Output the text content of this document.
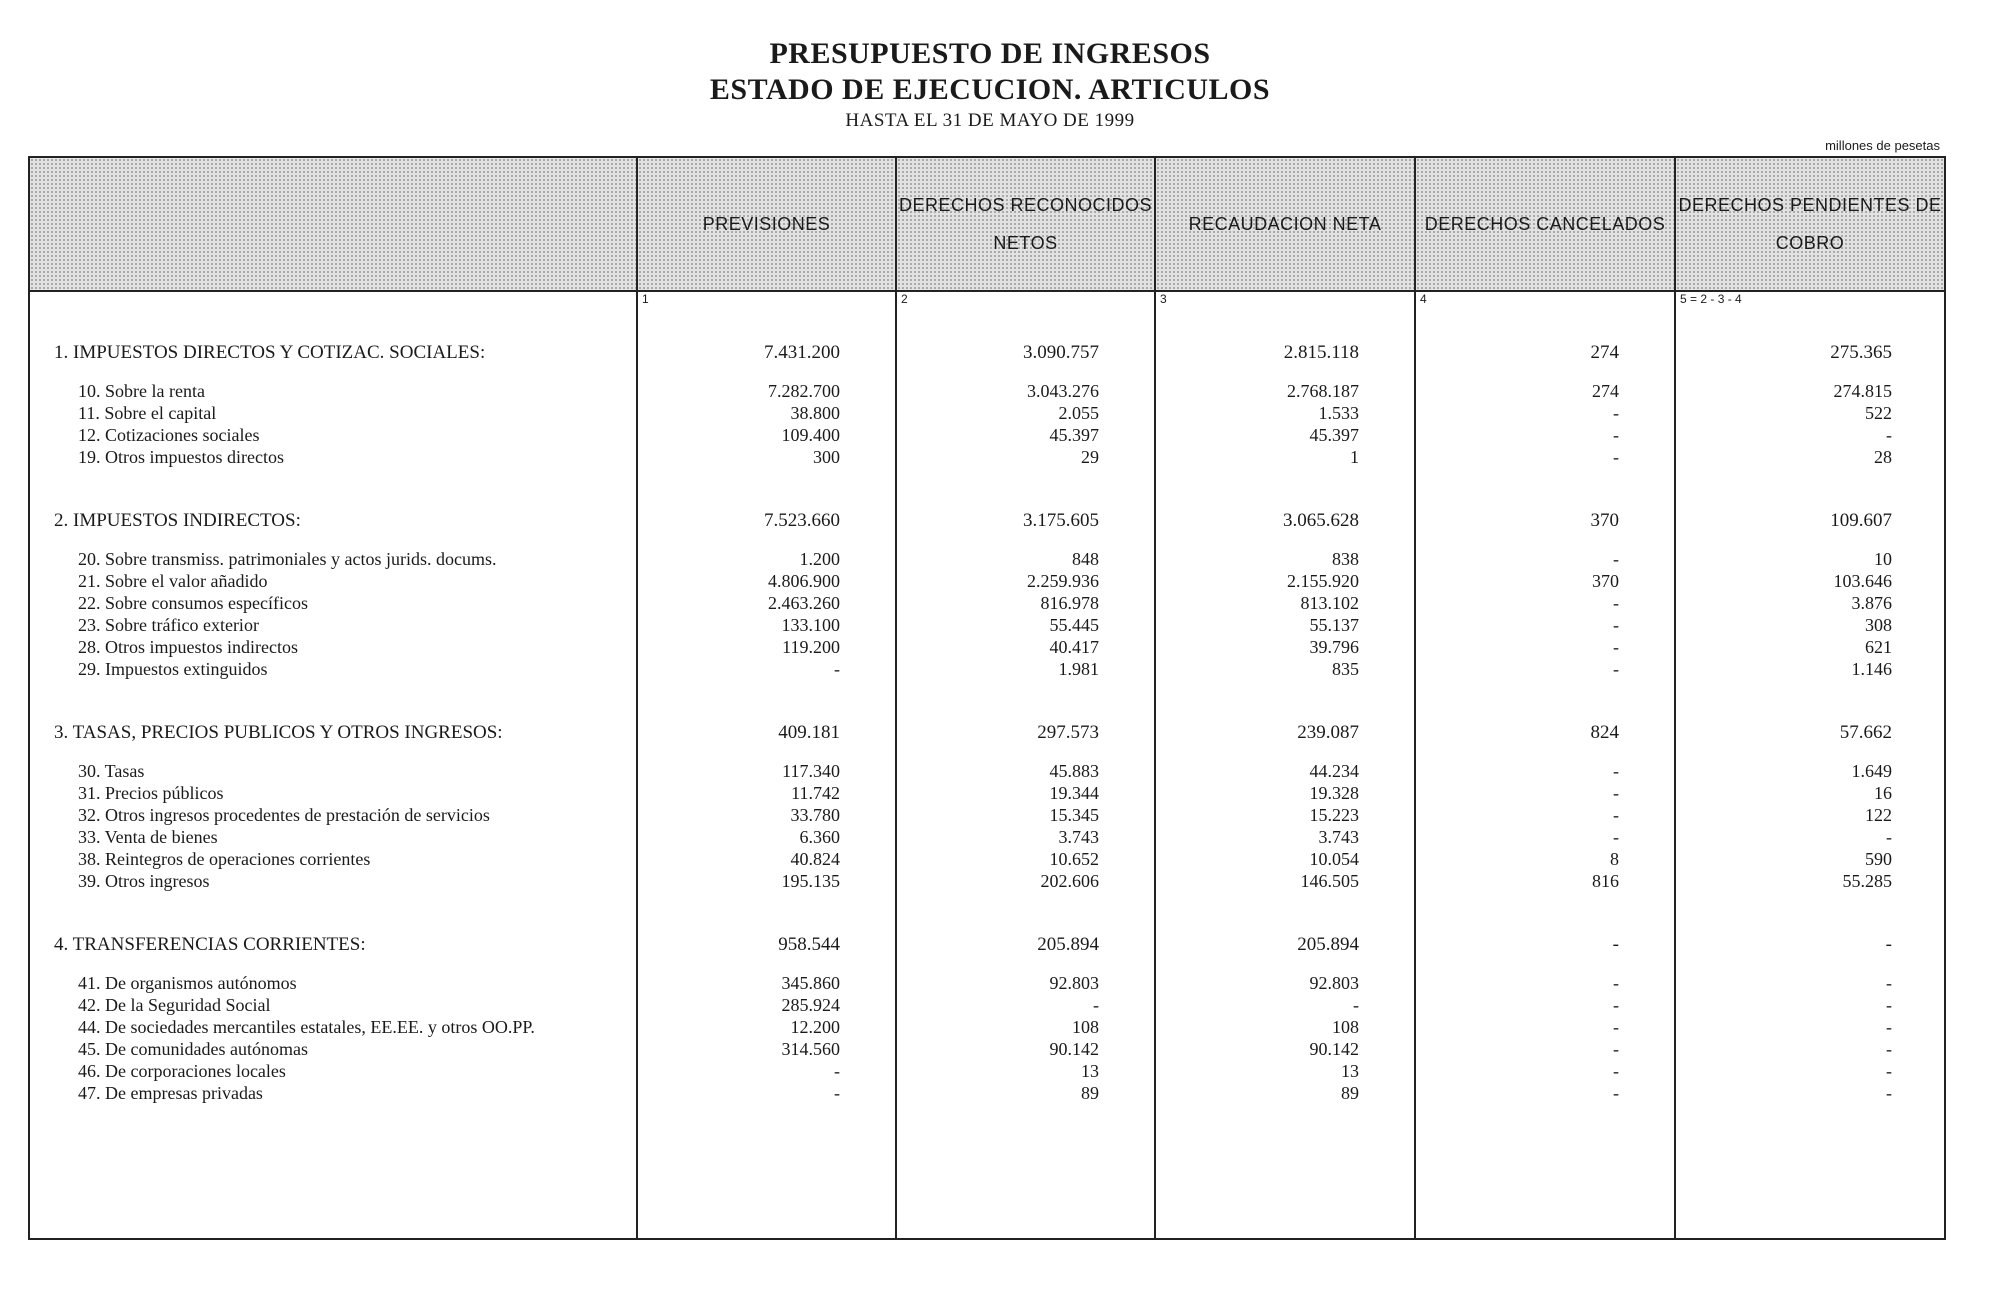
PRESUPUESTO DE INGRESOS
ESTADO DE EJECUCION. ARTICULOS
HASTA EL 31 DE MAYO DE 1999
millones de pesetas
	PREVISIONES	DERECHOS RECONOCIDOS NETOS	RECAUDACION NETA	DERECHOS CANCELADOS	DERECHOS PENDIENTES DE COBRO
	1	2	3	4	5 = 2 - 3 - 4

1. IMPUESTOS DIRECTOS Y COTIZAC. SOCIALES:	7.431.200	3.090.757	2.815.118	274	275.365

10. Sobre la renta	7.282.700	3.043.276	2.768.187	274	274.815
11. Sobre el capital	38.800	2.055	1.533	-	522
12. Cotizaciones sociales	109.400	45.397	45.397	-	-
19. Otros impuestos directos	300	29	1	-	28

2. IMPUESTOS INDIRECTOS:	7.523.660	3.175.605	3.065.628	370	109.607

20. Sobre transmiss. patrimoniales y actos jurids. docums.	1.200	848	838	-	10
21. Sobre el valor añadido	4.806.900	2.259.936	2.155.920	370	103.646
22. Sobre consumos específicos	2.463.260	816.978	813.102	-	3.876
23. Sobre tráfico exterior	133.100	55.445	55.137	-	308
28. Otros impuestos indirectos	119.200	40.417	39.796	-	621
29. Impuestos extinguidos	-	1.981	835	-	1.146

3. TASAS, PRECIOS PUBLICOS Y OTROS INGRESOS:	409.181	297.573	239.087	824	57.662

30. Tasas	117.340	45.883	44.234	-	1.649
31. Precios públicos	11.742	19.344	19.328	-	16
32. Otros ingresos procedentes de prestación de servicios	33.780	15.345	15.223	-	122
33. Venta de bienes	6.360	3.743	3.743	-	-
38. Reintegros de operaciones corrientes	40.824	10.652	10.054	8	590
39. Otros ingresos	195.135	202.606	146.505	816	55.285

4. TRANSFERENCIAS CORRIENTES:	958.544	205.894	205.894	-	-

41. De organismos autónomos	345.860	92.803	92.803	-	-
42. De la Seguridad Social	285.924	-	-	-	-
44. De sociedades mercantiles estatales, EE.EE. y otros OO.PP.	12.200	108	108	-	-
45. De comunidades autónomas	314.560	90.142	90.142	-	-
46. De corporaciones locales	-	13	13	-	-
47. De empresas privadas	-	89	89	-	-
